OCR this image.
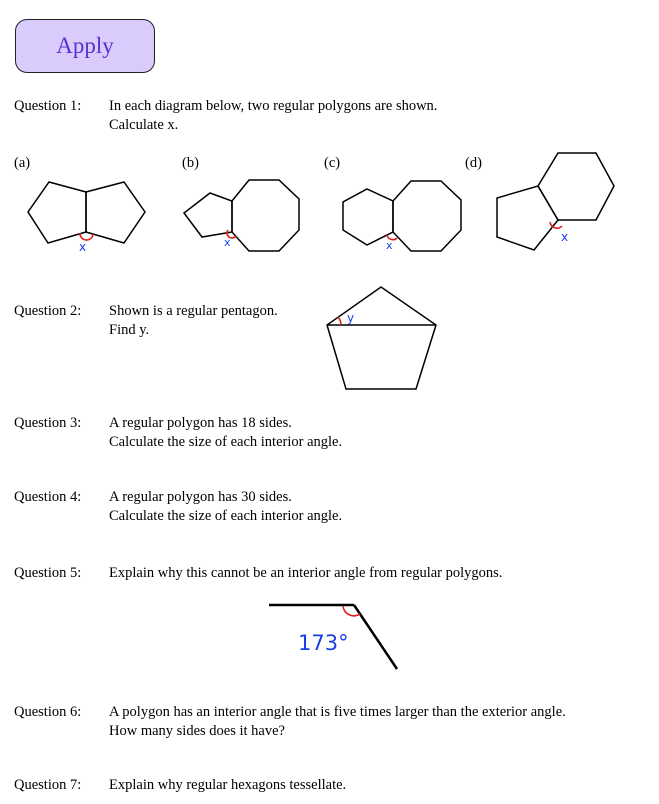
Apply
Question 1: In each diagram below, two regular polygons are shown.
Calculate x.
(a)	(b)	(c)	(d)
x	x	x
x
y
173°
Question 2: Shown is a regular pentagon.
Find y.
Question 3: A regular polygon has 18 sides.
Calculate the size of each interior angle.
Question 4: A regular polygon has 30 sides.
Calculate the size of each interior angle.
Question 5: Explain why this cannot be an interior angle from regular polygons.
Question 6: A polygon has an interior angle that is five times larger than the exterior angle.
How many sides does it have?
Question 7: Explain why regular hexagons tessellate.
